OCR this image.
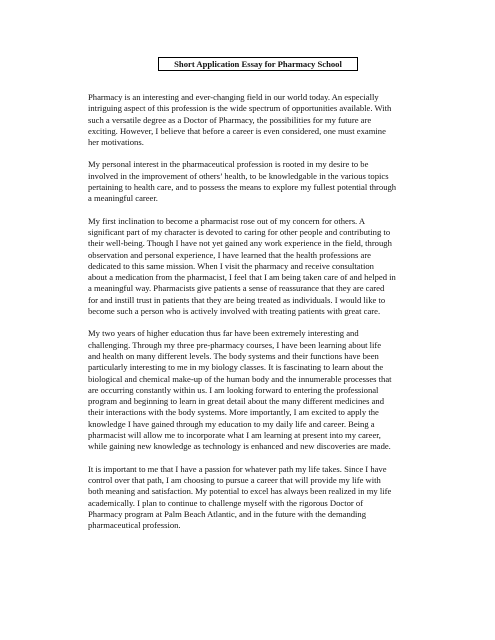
Short Application Essay for Pharmacy School
Pharmacy is an interesting and ever-changing field in our world today. An especially
intriguing aspect of this profession is the wide spectrum of opportunities available. With
such a versatile degree as a Doctor of Pharmacy, the possibilities for my future are
exciting. However, I believe that before a career is even considered, one must examine
her motivations.
My personal interest in the pharmaceutical profession is rooted in my desire to be
involved in the improvement of others’ health, to be knowledgable in the various topics
pertaining to health care, and to possess the means to explore my fullest potential through
a meaningful career.
My first inclination to become a pharmacist rose out of my concern for others. A
significant part of my character is devoted to caring for other people and contributing to
their well-being. Though I have not yet gained any work experience in the field, through
observation and personal experience, I have learned that the health professions are
dedicated to this same mission. When I visit the pharmacy and receive consultation
about a medication from the pharmacist, I feel that I am being taken care of and helped in
a meaningful way. Pharmacists give patients a sense of reassurance that they are cared
for and instill trust in patients that they are being treated as individuals. I would like to
become such a person who is actively involved with treating patients with great care.
My two years of higher education thus far have been extremely interesting and
challenging. Through my three pre-pharmacy courses, I have been learning about life
and health on many different levels. The body systems and their functions have been
particularly interesting to me in my biology classes. It is fascinating to learn about the
biological and chemical make-up of the human body and the innumerable processes that
are occurring constantly within us. I am looking forward to entering the professional
program and beginning to learn in great detail about the many different medicines and
their interactions with the body systems. More importantly, I am excited to apply the
knowledge I have gained through my education to my daily life and career. Being a
pharmacist will allow me to incorporate what I am learning at present into my career,
while gaining new knowledge as technology is enhanced and new discoveries are made.
It is important to me that I have a passion for whatever path my life takes. Since I have
control over that path, I am choosing to pursue a career that will provide my life with
both meaning and satisfaction. My potential to excel has always been realized in my life
academically. I plan to continue to challenge myself with the rigorous Doctor of
Pharmacy program at Palm Beach Atlantic, and in the future with the demanding
pharmaceutical profession.
